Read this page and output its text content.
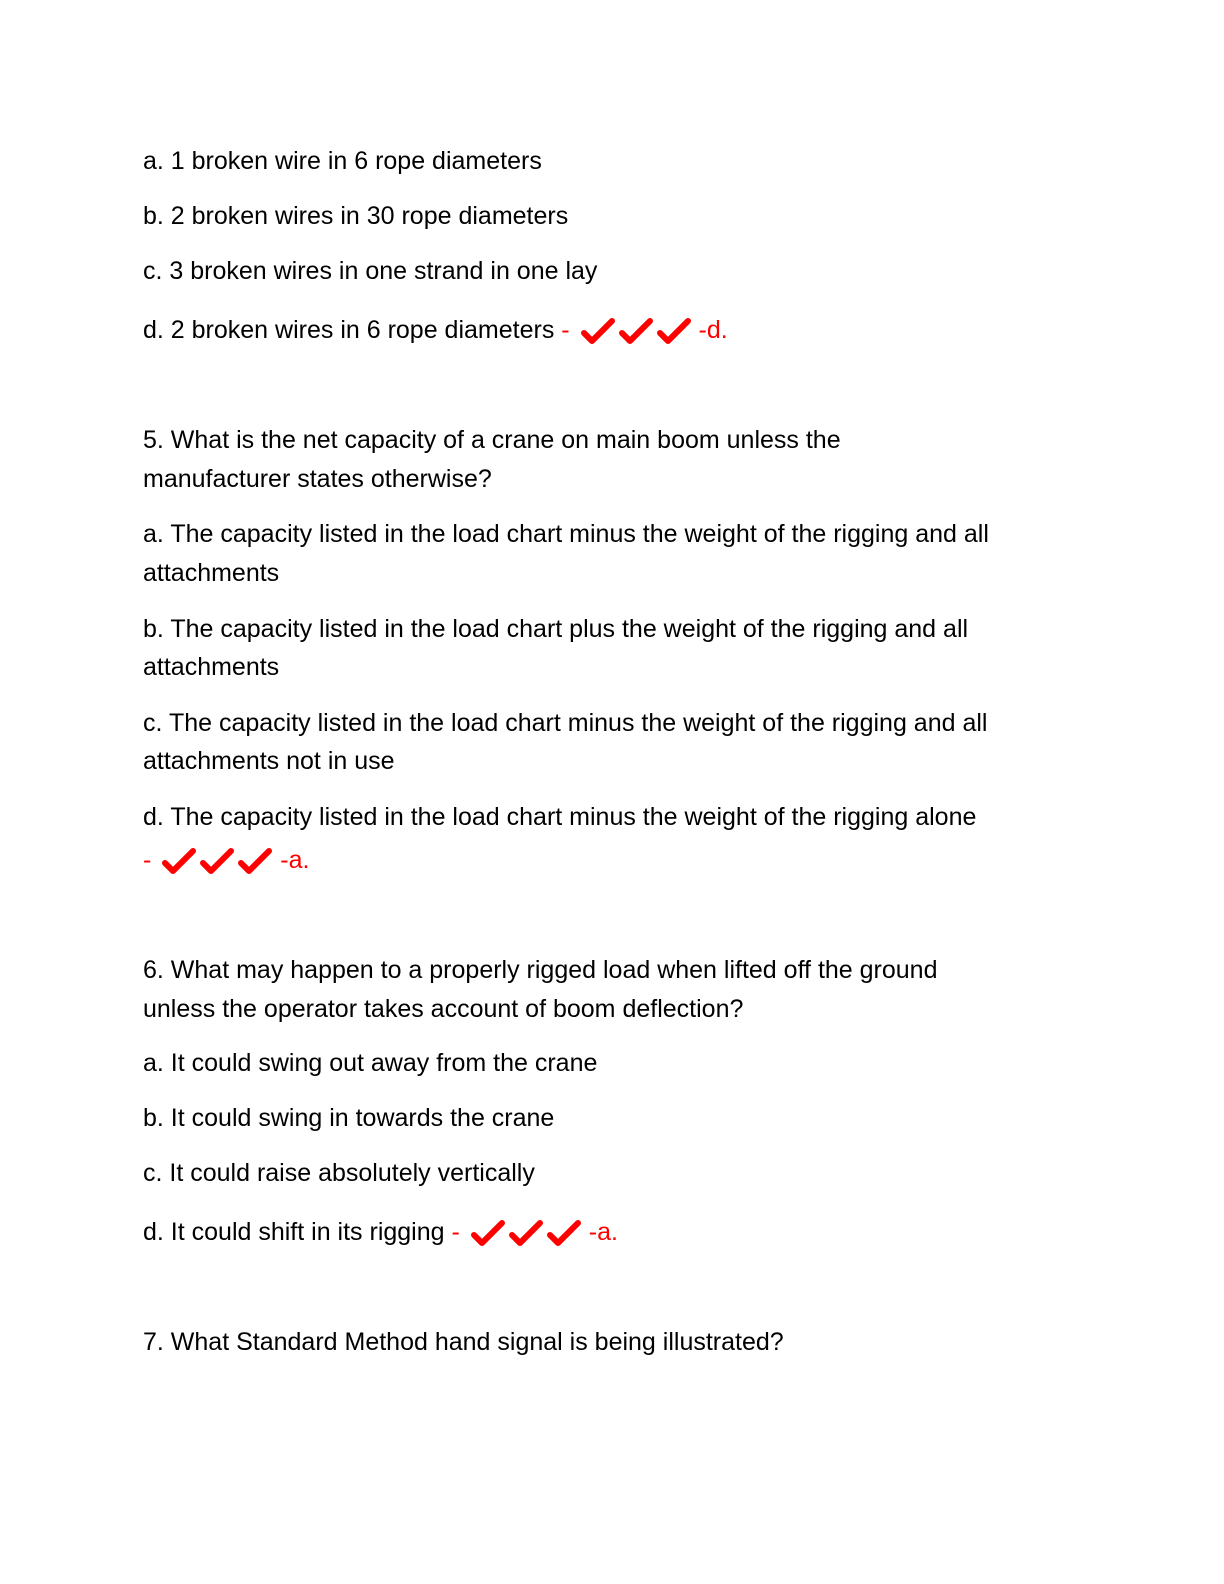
a. 1 broken wire in 6 rope diameters
b. 2 broken wires in 30 rope diameters
c. 3 broken wires in one strand in one lay
d. 2 broken wires in 6 rope diameters -	-d.
5. What is the net capacity of a crane on main boom unless the
manufacturer states otherwise?
a. The capacity listed in the load chart minus the weight of the rigging and all
attachments
b. The capacity listed in the load chart plus the weight of the rigging and all
attachments
c. The capacity listed in the load chart minus the weight of the rigging and all
attachments not in use
d. The capacity listed in the load chart minus the weight of the rigging alone
-	-a.
6. What may happen to a properly rigged load when lifted off the ground
unless the operator takes account of boom deflection?
a. It could swing out away from the crane
b. It could swing in towards the crane
c. It could raise absolutely vertically
d. It could shift in its rigging -	-a.
7. What Standard Method hand signal is being illustrated?
